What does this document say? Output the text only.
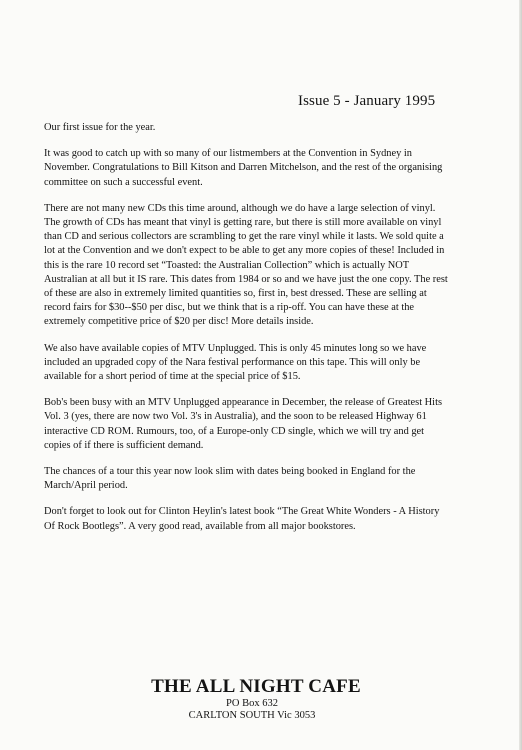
Issue 5 - January 1995

Our first issue for the year.

It was good to catch up with so many of our listmembers at the Convention in Sydney in November. Congratulations to Bill Kitson and Darren Mitchelson, and the rest of the organising committee on such a successful event.

There are not many new CDs this time around, although we do have a large selection of vinyl. The growth of CDs has meant that vinyl is getting rare, but there is still more available on vinyl than CD and serious collectors are scrambling to get the rare vinyl while it lasts. We sold quite a lot at the Convention and we don't expect to be able to get any more copies of these! Included in this is the rare 10 record set “Toasted: the Australian Collection” which is actually NOT Australian at all but it IS rare. This dates from 1984 or so and we have just the one copy. The rest of these are also in extremely limited quantities so, first in, best dressed. These are selling at record fairs for $30--$50 per disc, but we think that is a rip-off. You can have these at the extremely competitive price of $20 per disc! More details inside.

We also have available copies of MTV Unplugged. This is only 45 minutes long so we have included an upgraded copy of the Nara festival performance on this tape. This will only be available for a short period of time at the special price of $15.

Bob's been busy with an MTV Unplugged appearance in December, the release of Greatest Hits Vol. 3 (yes, there are now two Vol. 3's in Australia), and the soon to be released Highway 61 interactive CD ROM. Rumours, too, of a Europe-only CD single, which we will try and get copies of if there is sufficient demand.

The chances of a tour this year now look slim with dates being booked in England for the March/April period.

Don't forget to look out for Clinton Heylin's latest book “The Great White Wonders - A History Of Rock Bootlegs”. A very good read, available from all major bookstores.

THE ALL NIGHT CAFE
PO Box 632
CARLTON SOUTH Vic 3053
